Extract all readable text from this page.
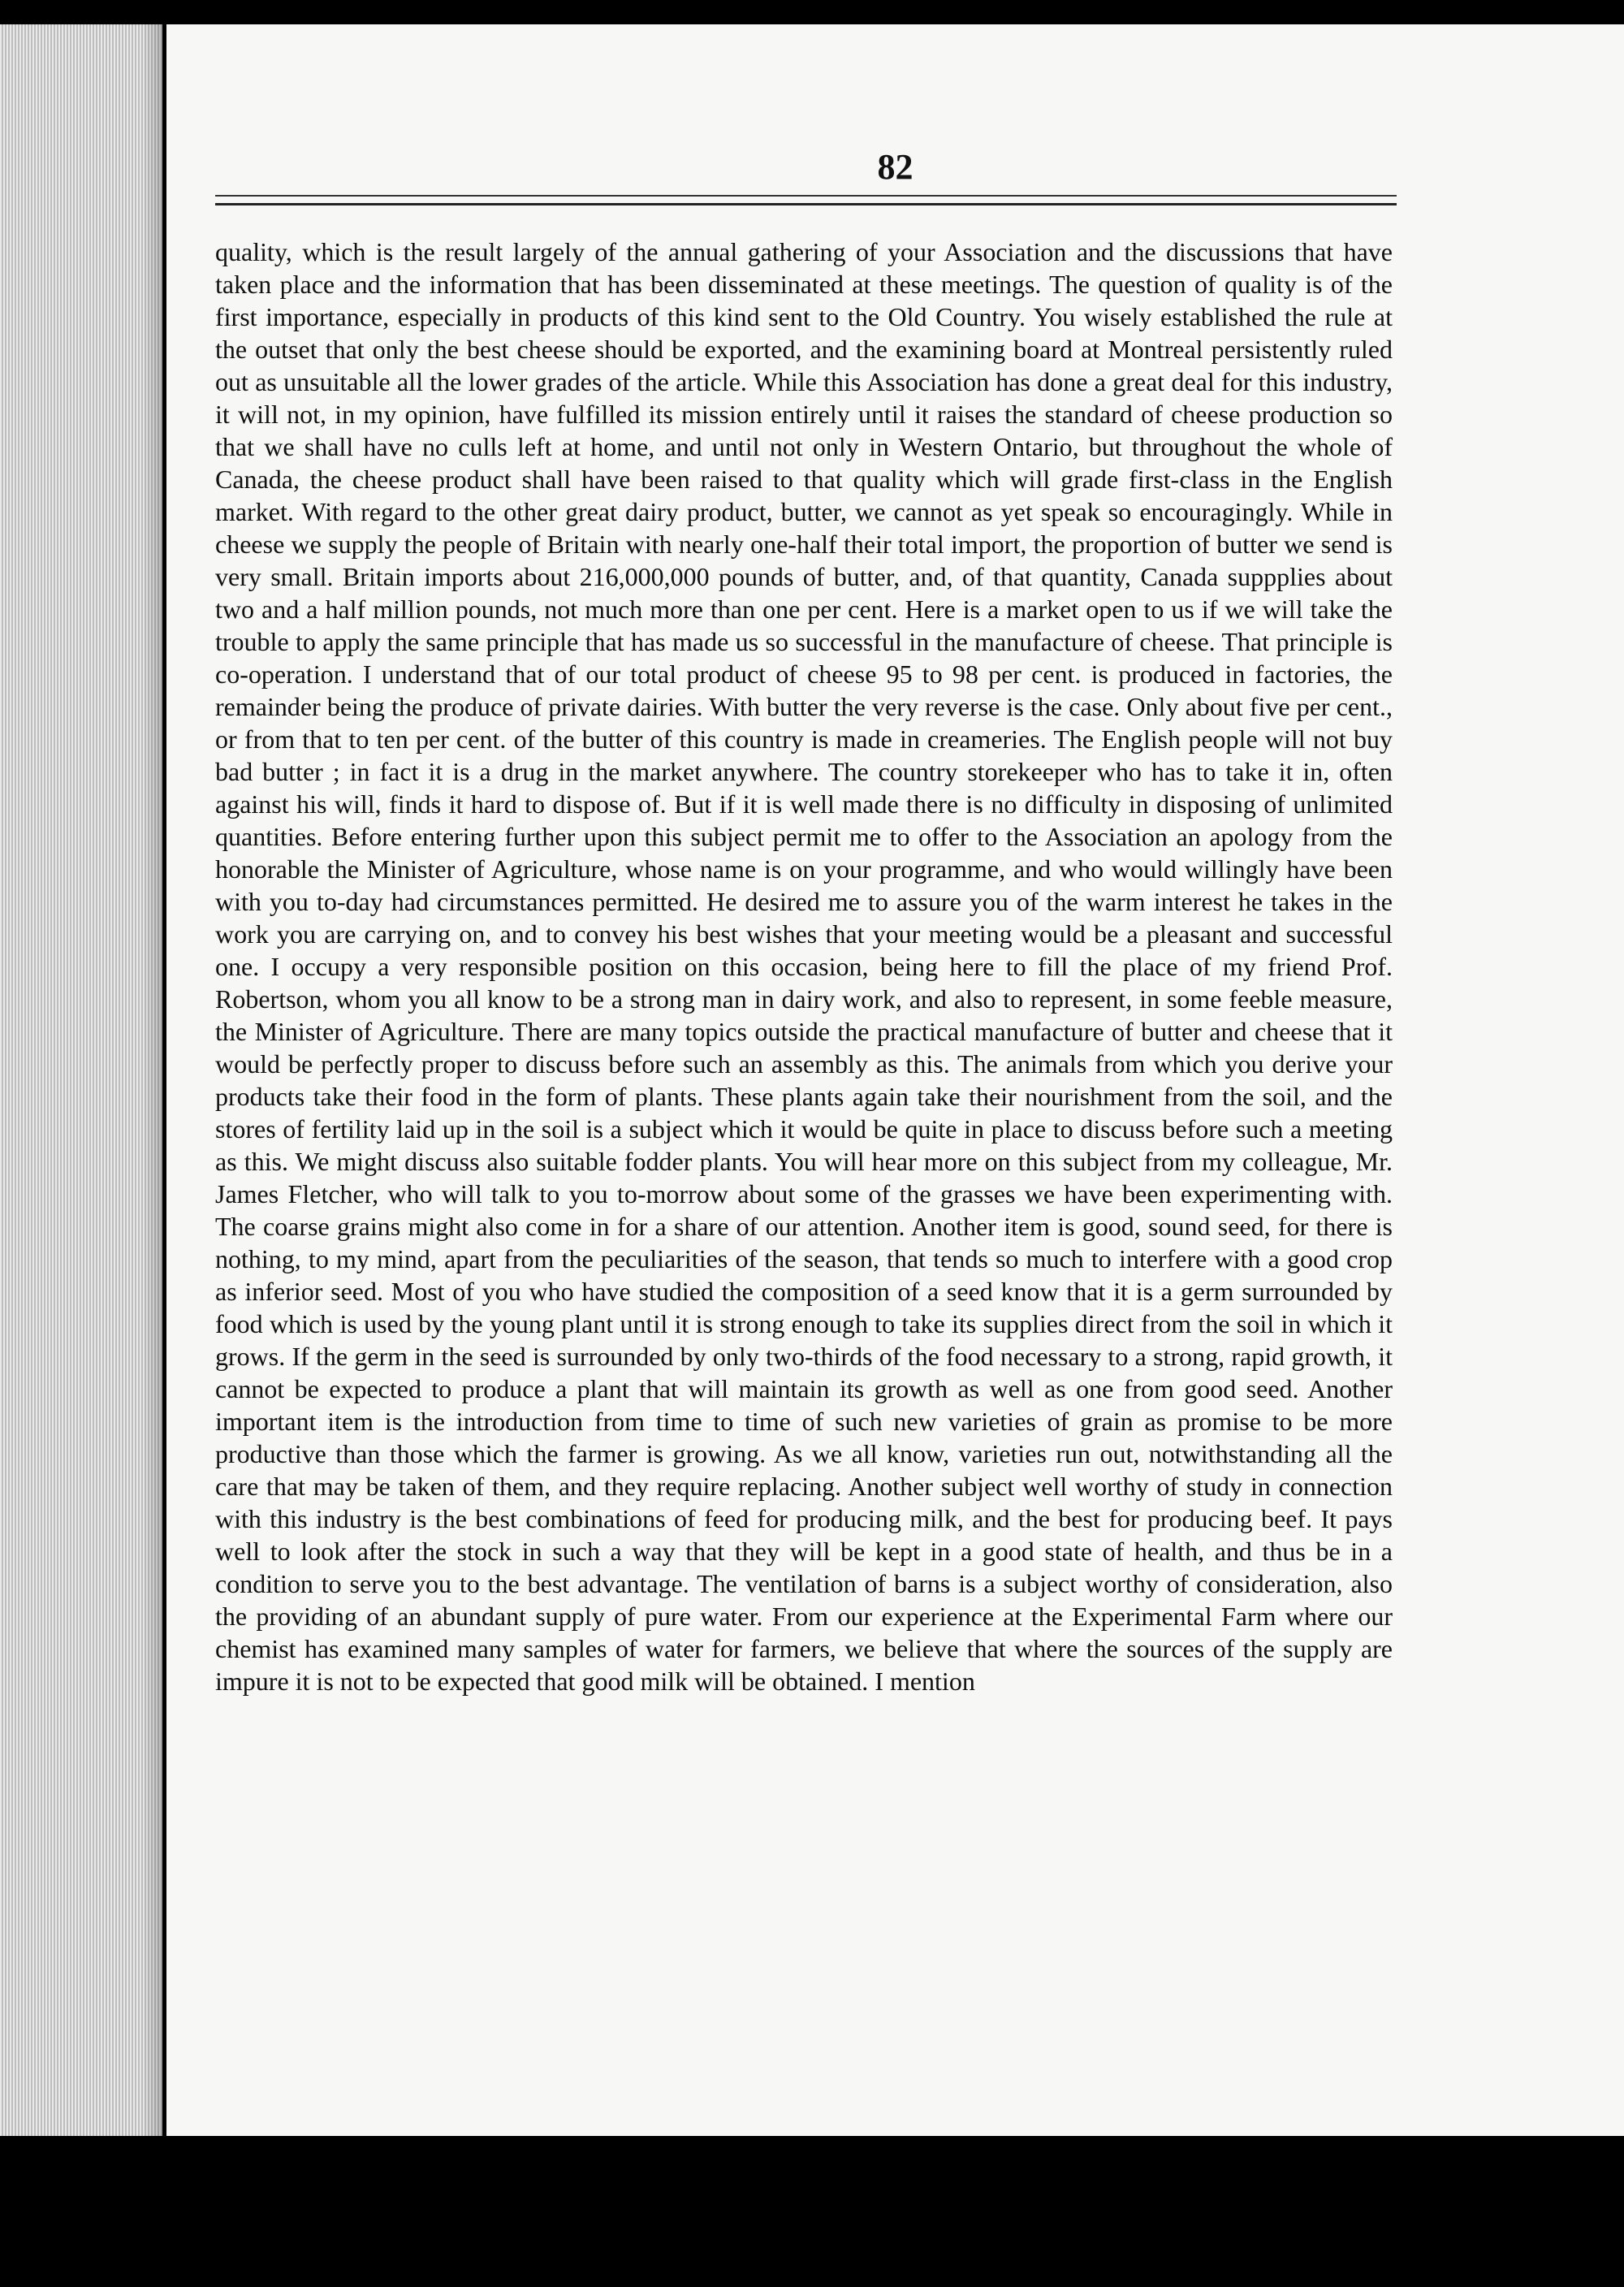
82

quality, which is the result largely of the annual gathering of your Association and the discussions that have taken place and the information that has been disseminated at these meetings. The question of quality is of the first importance, especially in products of this kind sent to the Old Country. You wisely established the rule at the outset that only the best cheese should be exported, and the examining board at Montreal persistently ruled out as unsuitable all the lower grades of the article. While this Association has done a great deal for this industry, it will not, in my opinion, have fulfilled its mission entirely until it raises the standard of cheese production so that we shall have no culls left at home, and until not only in Western Ontario, but throughout the whole of Canada, the cheese product shall have been raised to that quality which will grade first-class in the English market. With regard to the other great dairy product, butter, we cannot as yet speak so encouragingly. While in cheese we supply the people of Britain with nearly one-half their total import, the proportion of butter we send is very small. Britain imports about 216,000,000 pounds of butter, and, of that quantity, Canada suppplies about two and a half million pounds, not much more than one per cent. Here is a market open to us if we will take the trouble to apply the same principle that has made us so successful in the manufacture of cheese. That principle is co-operation. I understand that of our total product of cheese 95 to 98 per cent. is produced in factories, the remainder being the produce of private dairies. With butter the very reverse is the case. Only about five per cent., or from that to ten per cent. of the butter of this country is made in creameries. The English people will not buy bad butter ; in fact it is a drug in the market anywhere. The country storekeeper who has to take it in, often against his will, finds it hard to dispose of. But if it is well made there is no difficulty in disposing of unlimited quantities. Before entering further upon this subject permit me to offer to the Association an apology from the honorable the Minister of Agriculture, whose name is on your programme, and who would willingly have been with you to-day had circumstances permitted. He desired me to assure you of the warm interest he takes in the work you are carrying on, and to convey his best wishes that your meeting would be a pleasant and successful one. I occupy a very responsible position on this occasion, being here to fill the place of my friend Prof. Robertson, whom you all know to be a strong man in dairy work, and also to represent, in some feeble measure, the Minister of Agriculture. There are many topics outside the practical manufacture of butter and cheese that it would be perfectly proper to discuss before such an assembly as this. The animals from which you derive your products take their food in the form of plants. These plants again take their nourishment from the soil, and the stores of fertility laid up in the soil is a subject which it would be quite in place to discuss before such a meeting as this. We might discuss also suitable fodder plants. You will hear more on this subject from my colleague, Mr. James Fletcher, who will talk to you to-morrow about some of the grasses we have been experimenting with. The coarse grains might also come in for a share of our attention. Another item is good, sound seed, for there is nothing, to my mind, apart from the peculiarities of the season, that tends so much to interfere with a good crop as inferior seed. Most of you who have studied the composition of a seed know that it is a germ surrounded by food which is used by the young plant until it is strong enough to take its supplies direct from the soil in which it grows. If the germ in the seed is surrounded by only two-thirds of the food necessary to a strong, rapid growth, it cannot be expected to produce a plant that will maintain its growth as well as one from good seed. Another important item is the introduction from time to time of such new varieties of grain as promise to be more productive than those which the farmer is growing. As we all know, varieties run out, notwithstanding all the care that may be taken of them, and they require replacing. Another subject well worthy of study in connection with this industry is the best combinations of feed for producing milk, and the best for producing beef. It pays well to look after the stock in such a way that they will be kept in a good state of health, and thus be in a condition to serve you to the best advantage. The ventilation of barns is a subject worthy of consideration, also the providing of an abundant supply of pure water. From our experience at the Experimental Farm where our chemist has examined many samples of water for farmers, we believe that where the sources of the supply are impure it is not to be expected that good milk will be obtained. I mention
